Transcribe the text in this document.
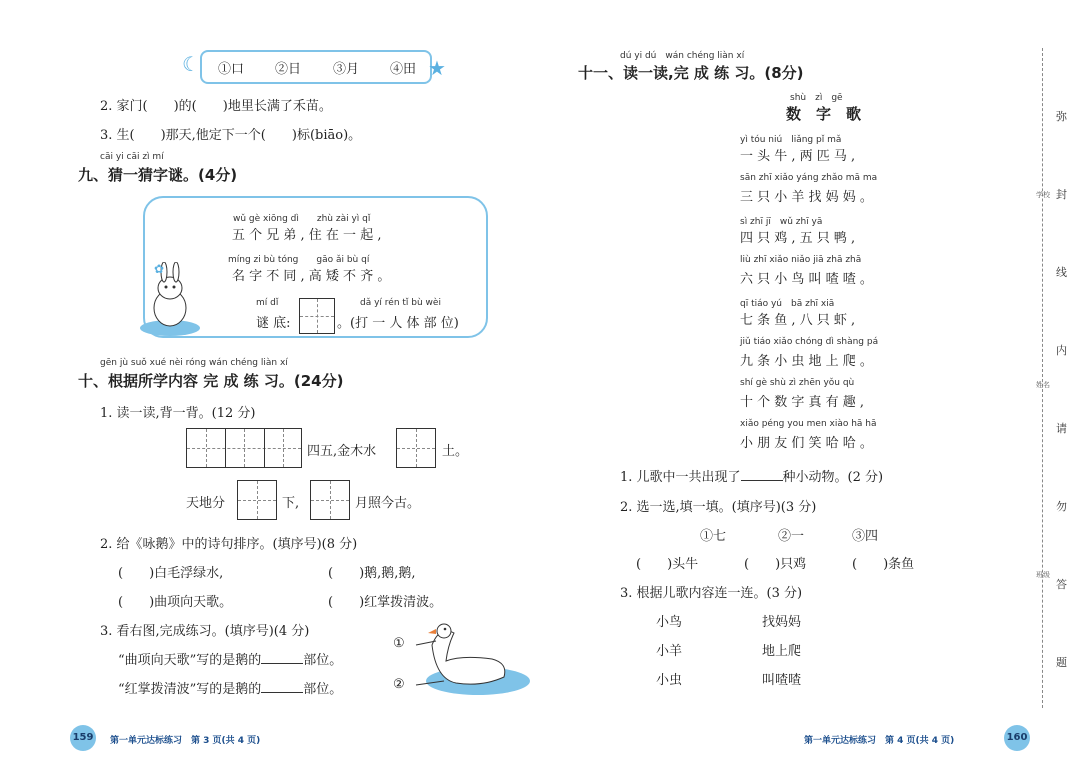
☾	★
①口 ②日 ③月 ④田
2. 家门(　　)的(　　)地里长满了禾苗。
3. 生(　　)那天,他定下一个(　　)标(biāo)。
cāi yi cāi zì mí
九、猜一猜字谜。(4分)
✿
wǔ gè xiōng dì　　zhù zài yì qǐ
五 个 兄 弟 , 住 在 一 起 ,
míng zi bù tóng　　gāo ǎi bù qí
名 字 不 同 , 高 矮 不 齐 。
mí dǐ
谜 底:
dǎ yí rén tǐ bù wèi
。(打 一 人 体 部 位)
gēn jù suǒ xué nèi róng wán chéng liàn xí
十、根据所学内容 完 成 练 习。(24分)
1. 读一读,背一背。(12 分)
四五,金木水	土。
天地分	下,	月照今古。
2. 给《咏鹅》中的诗句排序。(填序号)(8 分)
(　　)白毛浮绿水,	(　　)鹅,鹅,鹅,
(　　)曲项向天歌。	(　　)红掌拨清波。
3. 看右图,完成练习。(填序号)(4 分)
“曲项向天歌”写的是鹅的	部位。
“红掌拨清波”写的是鹅的	部位。
①
②
159 第一单元达标练习　第 3 页(共 4 页)
dú yi dú　wán chéng liàn xí
十一、读一读,完 成 练 习。(8分)
shù　zì　gē
数　字　歌
yì tóu niú　liǎng pǐ mǎ
一 头 牛 , 两 匹 马 ,
sān zhī xiǎo yáng zhǎo mā ma
三 只 小 羊 找 妈 妈 。
sì zhī jī　wǔ zhī yā
四 只 鸡 , 五 只 鸭 ,
liù zhī xiǎo niǎo jiā zhā zhā
六 只 小 鸟 叫 喳 喳 。
qī tiáo yú　bā zhī xiā
七 条 鱼 , 八 只 虾 ,
jiǔ tiáo xiǎo chóng dì shàng pá
九 条 小 虫 地 上 爬 。
shí gè shù zì zhēn yǒu qù
十 个 数 字 真 有 趣 ,
xiǎo péng you men xiào hā hā
小 朋 友 们 笑 哈 哈 。
1. 儿歌中一共出现了	种小动物。(2 分)
2. 选一选,填一填。(填序号)(3 分)
①七	②一	③四
(　　)头牛	(　　)只鸡	(　　)条鱼
3. 根据儿歌内容连一连。(3 分)
小鸟	找妈妈
小羊	地上爬
小虫	叫喳喳
第一单元达标练习　第 4 页(共 4 页)	160
弥
封
线
内
请
勿
答
题
学校
姓名
班级
